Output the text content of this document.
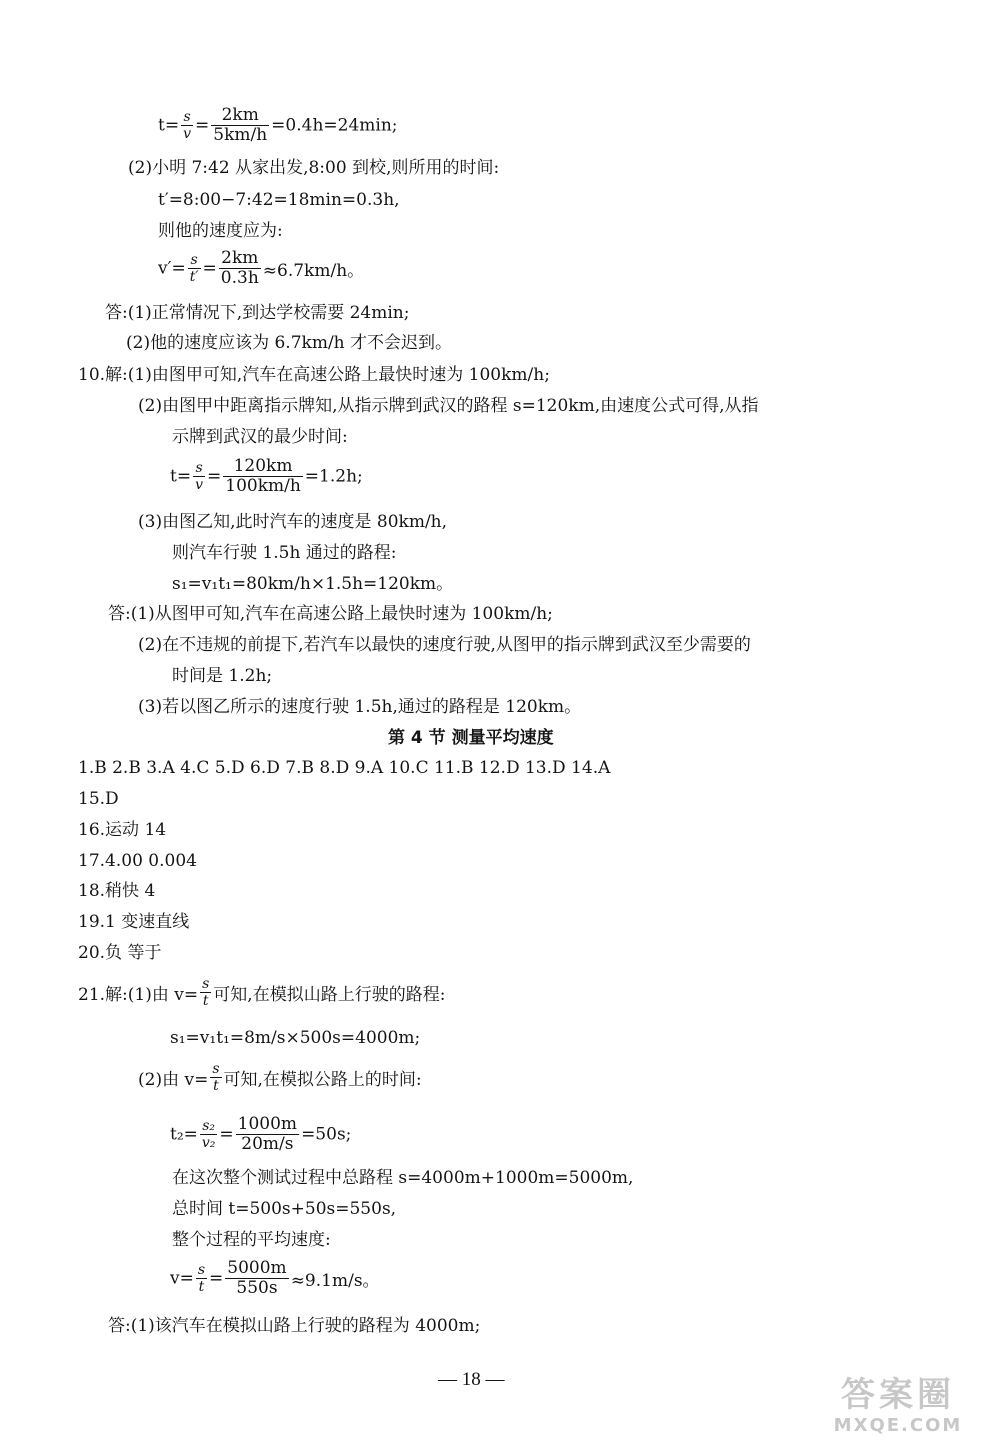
$t= \frac{s}{v} = \frac{2km}{5km/h} =0.4h=24\min$;
(2)小明 7:42 从家出发,8:00 到校,则所用的时间:
t′=8:00−7:42=18min=0.3h,
则他的速度应为:
$v'= \frac{s}{t'} = \frac{2km}{0.3h} \approx 6.7km/h$。
答:(1)正常情况下,到达学校需要 24min;
(2)他的速度应该为 6.7km/h 才不会迟到。
10.解:(1)由图甲可知,汽车在高速公路上最快时速为 100km/h;
(2)由图甲中距离指示牌知,从指示牌到武汉的路程 s=120km,由速度公式可得,从指
示牌到武汉的最少时间:
$t= \frac{s}{v} = \frac{120km}{100km/h} =1.2h$;
(3)由图乙知,此时汽车的速度是 80km/h,
则汽车行驶 1.5h 通过的路程:
s₁=v₁t₁=80km/h×1.5h=120km。
答:(1)从图甲可知,汽车在高速公路上最快时速为 100km/h;
(2)在不违规的前提下,若汽车以最快的速度行驶,从图甲的指示牌到武汉至少需要的
时间是 1.2h;
(3)若以图乙所示的速度行驶 1.5h,通过的路程是 120km。
第 4 节 测量平均速度
1.B 2.B 3.A 4.C 5.D 6.D 7.B 8.D 9.A 10.C 11.B 12.D 13.D 14.A
15.D
16.运动 14
17.4.00 0.004
18.稍快 4
19.1 变速直线
20.负 等于
21.解:(1)由 $v= \frac{s}{t}$ 可知,在模拟山路上行驶的路程:
s₁=v₁t₁=8m/s×500s=4000m;
(2)由 $v= \frac{s}{t}$ 可知,在模拟公路上的时间:
$t_2= \frac{\text{s₂}}{\text{v₂}} = \frac{1000m}{20m/s} =50s$;
在这次整个测试过程中总路程 s=4000m+1000m=5000m,
总时间 t=500s+50s=550s,
整个过程的平均速度:
$v= \frac{s}{t} = \frac{5000m}{550s} \approx 9.1m/s$。
答:(1)该汽车在模拟山路上行驶的路程为 4000m;
— 18 —	答案圈
MXQE.COM
